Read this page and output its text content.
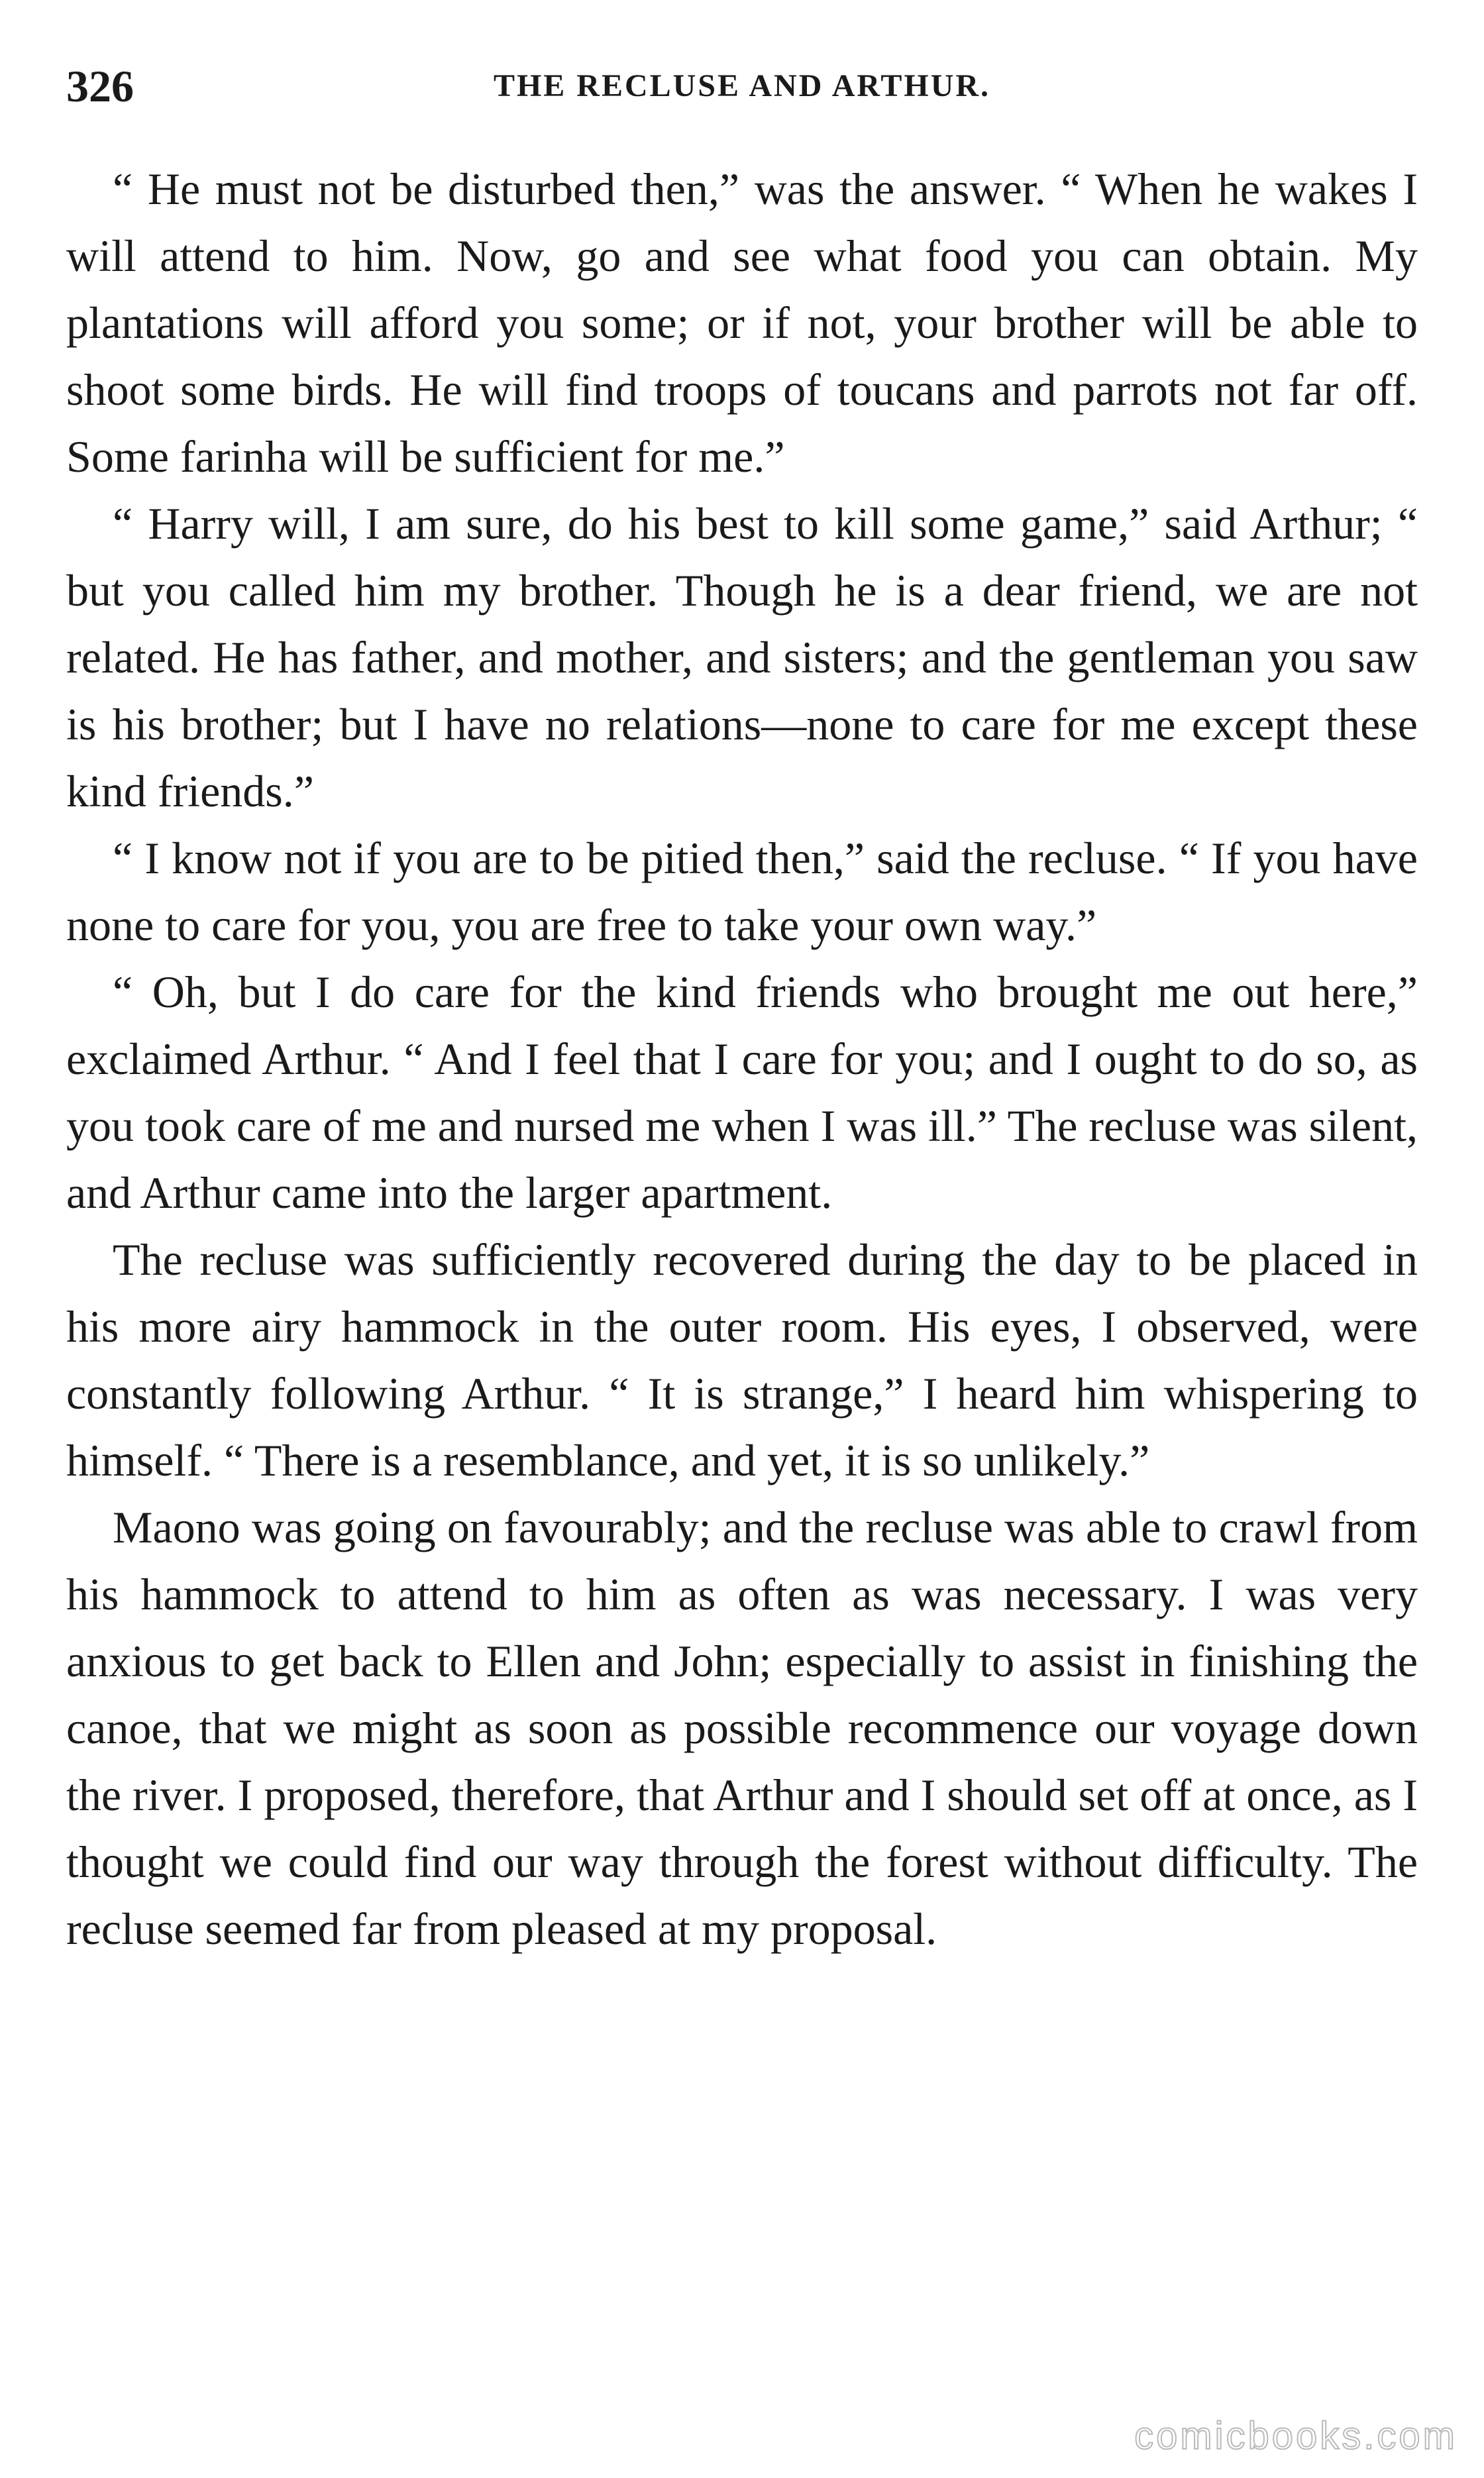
326	THE RECLUSE AND ARTHUR.

“ He must not be disturbed then,” was the answer. “ When he wakes I will attend to him. Now, go and see what food you can obtain. My plantations will afford you some; or if not, your brother will be able to shoot some birds. He will find troops of toucans and parrots not far off. Some farinha will be sufficient for me.”

“ Harry will, I am sure, do his best to kill some game,” said Arthur; “ but you called him my brother. Though he is a dear friend, we are not related. He has father, and mother, and sisters; and the gentleman you saw is his brother; but I have no relations—none to care for me except these kind friends.”

“ I know not if you are to be pitied then,” said the recluse. “ If you have none to care for you, you are free to take your own way.”

“ Oh, but I do care for the kind friends who brought me out here,” exclaimed Arthur. “ And I feel that I care for you; and I ought to do so, as you took care of me and nursed me when I was ill.” The recluse was silent, and Arthur came into the larger apartment.

The recluse was sufficiently recovered during the day to be placed in his more airy hammock in the outer room. His eyes, I observed, were constantly following Arthur. “ It is strange,” I heard him whispering to himself. “ There is a resemblance, and yet, it is so unlikely.”

Maono was going on favourably; and the recluse was able to crawl from his hammock to attend to him as often as was necessary. I was very anxious to get back to Ellen and John; especially to assist in finishing the canoe, that we might as soon as possible recommence our voyage down the river. I proposed, therefore, that Arthur and I should set off at once, as I thought we could find our way through the forest without difficulty. The recluse seemed far from pleased at my proposal.

comicbooks.com
